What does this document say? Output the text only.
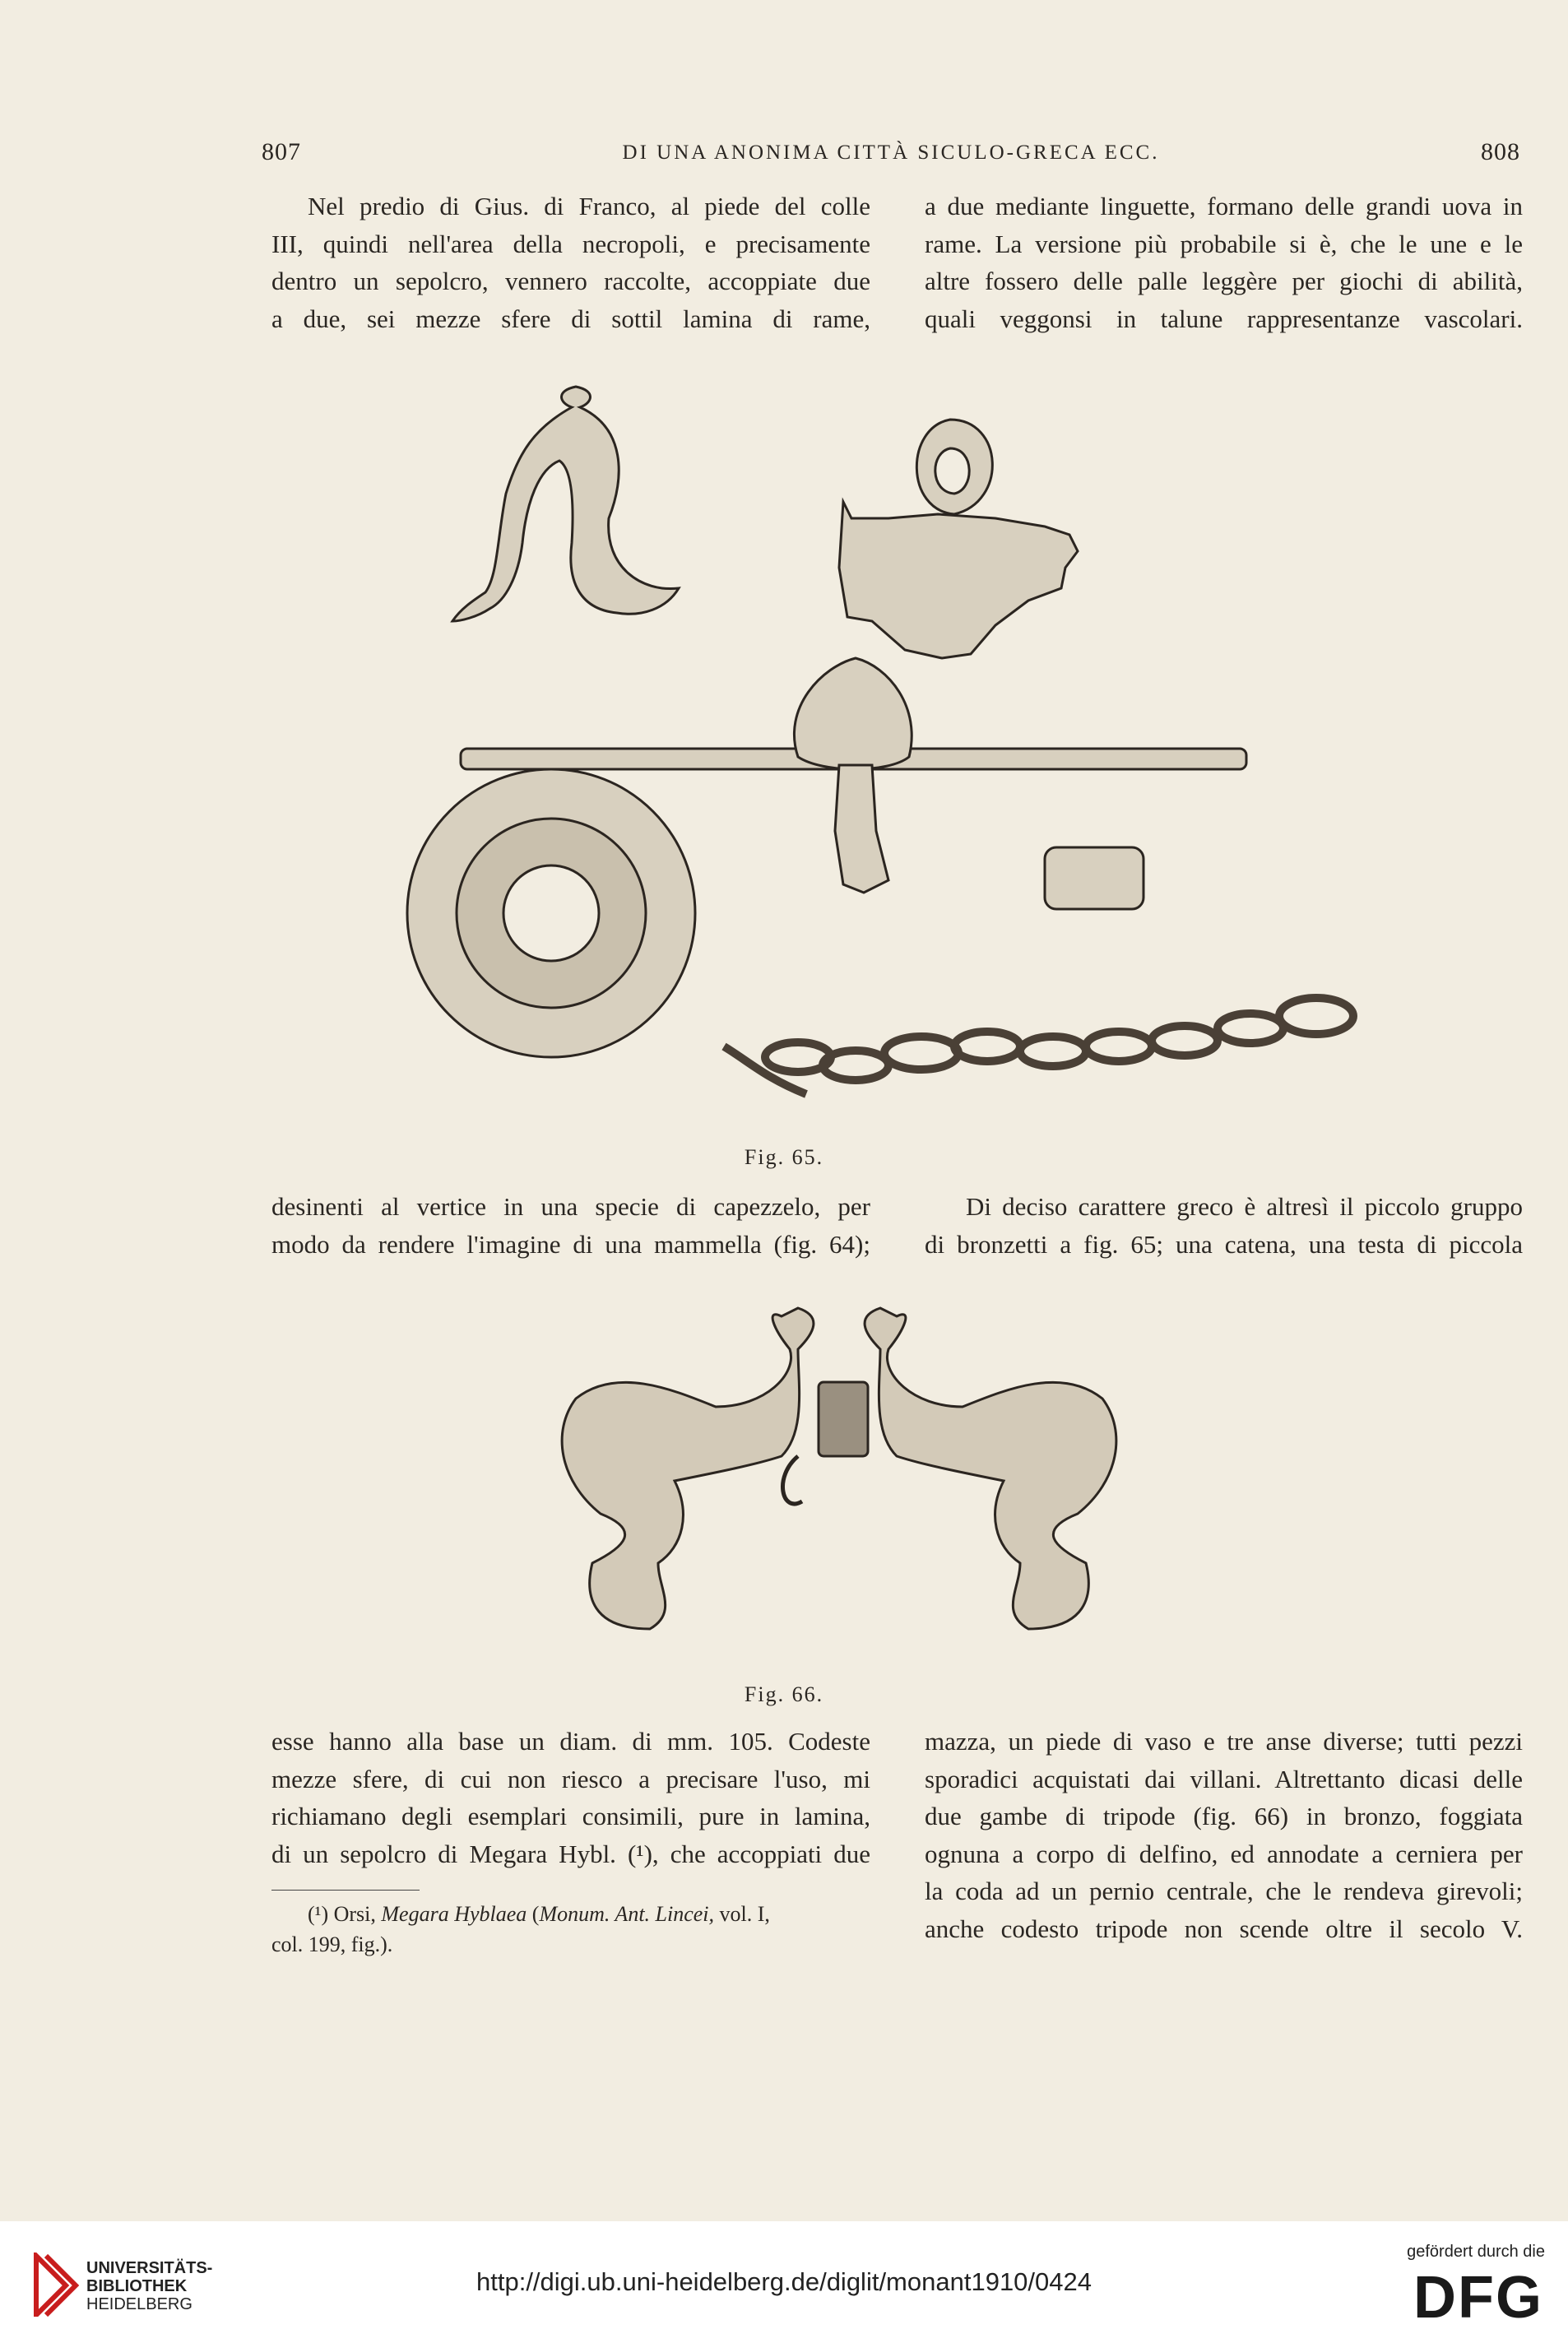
807	DI UNA ANONIMA CITTÀ SICULO-GRECA ECC.	808
Nel predio di Gius. di Franco, al piede del colle
III, quindi nell'area della necropoli, e precisamente
dentro un sepolcro, vennero raccolte, accoppiate due
a due, sei mezze sfere di sottil lamina di rame,
a due mediante linguette, formano delle grandi uova in
rame. La versione più probabile si è, che le une e le
altre fossero delle palle leggère per giochi di abilità,
quali veggonsi in talune rappresentanze vascolari.
Fig. 65.
desinenti al vertice in una specie di capezzelo, per
modo da rendere l'imagine di una mammella (fig. 64);
Di deciso carattere greco è altresì il piccolo gruppo
di bronzetti a fig. 65; una catena, una testa di piccola
Fig. 66.
esse hanno alla base un diam. di mm. 105. Codeste
mezze sfere, di cui non riesco a precisare l'uso, mi
richiamano degli esemplari consimili, pure in lamina,
di un sepolcro di Megara Hybl. (¹), che accoppiati due
mazza, un piede di vaso e tre anse diverse; tutti pezzi
sporadici acquistati dai villani. Altrettanto dicasi delle
due gambe di tripode (fig. 66) in bronzo, foggiata
ognuna a corpo di delfino, ed annodate a cerniera per
la coda ad un pernio centrale, che le rendeva girevoli;
anche codesto tripode non scende oltre il secolo V.
(¹) Orsi, Megara Hyblaea (Monum. Ant. Lincei, vol. I,
col. 199, fig.).
UNIVERSITÄTS-
BIBLIOTHEK
HEIDELBERG
http://digi.ub.uni-heidelberg.de/diglit/monant1910/0424
gefördert durch die
DFG
